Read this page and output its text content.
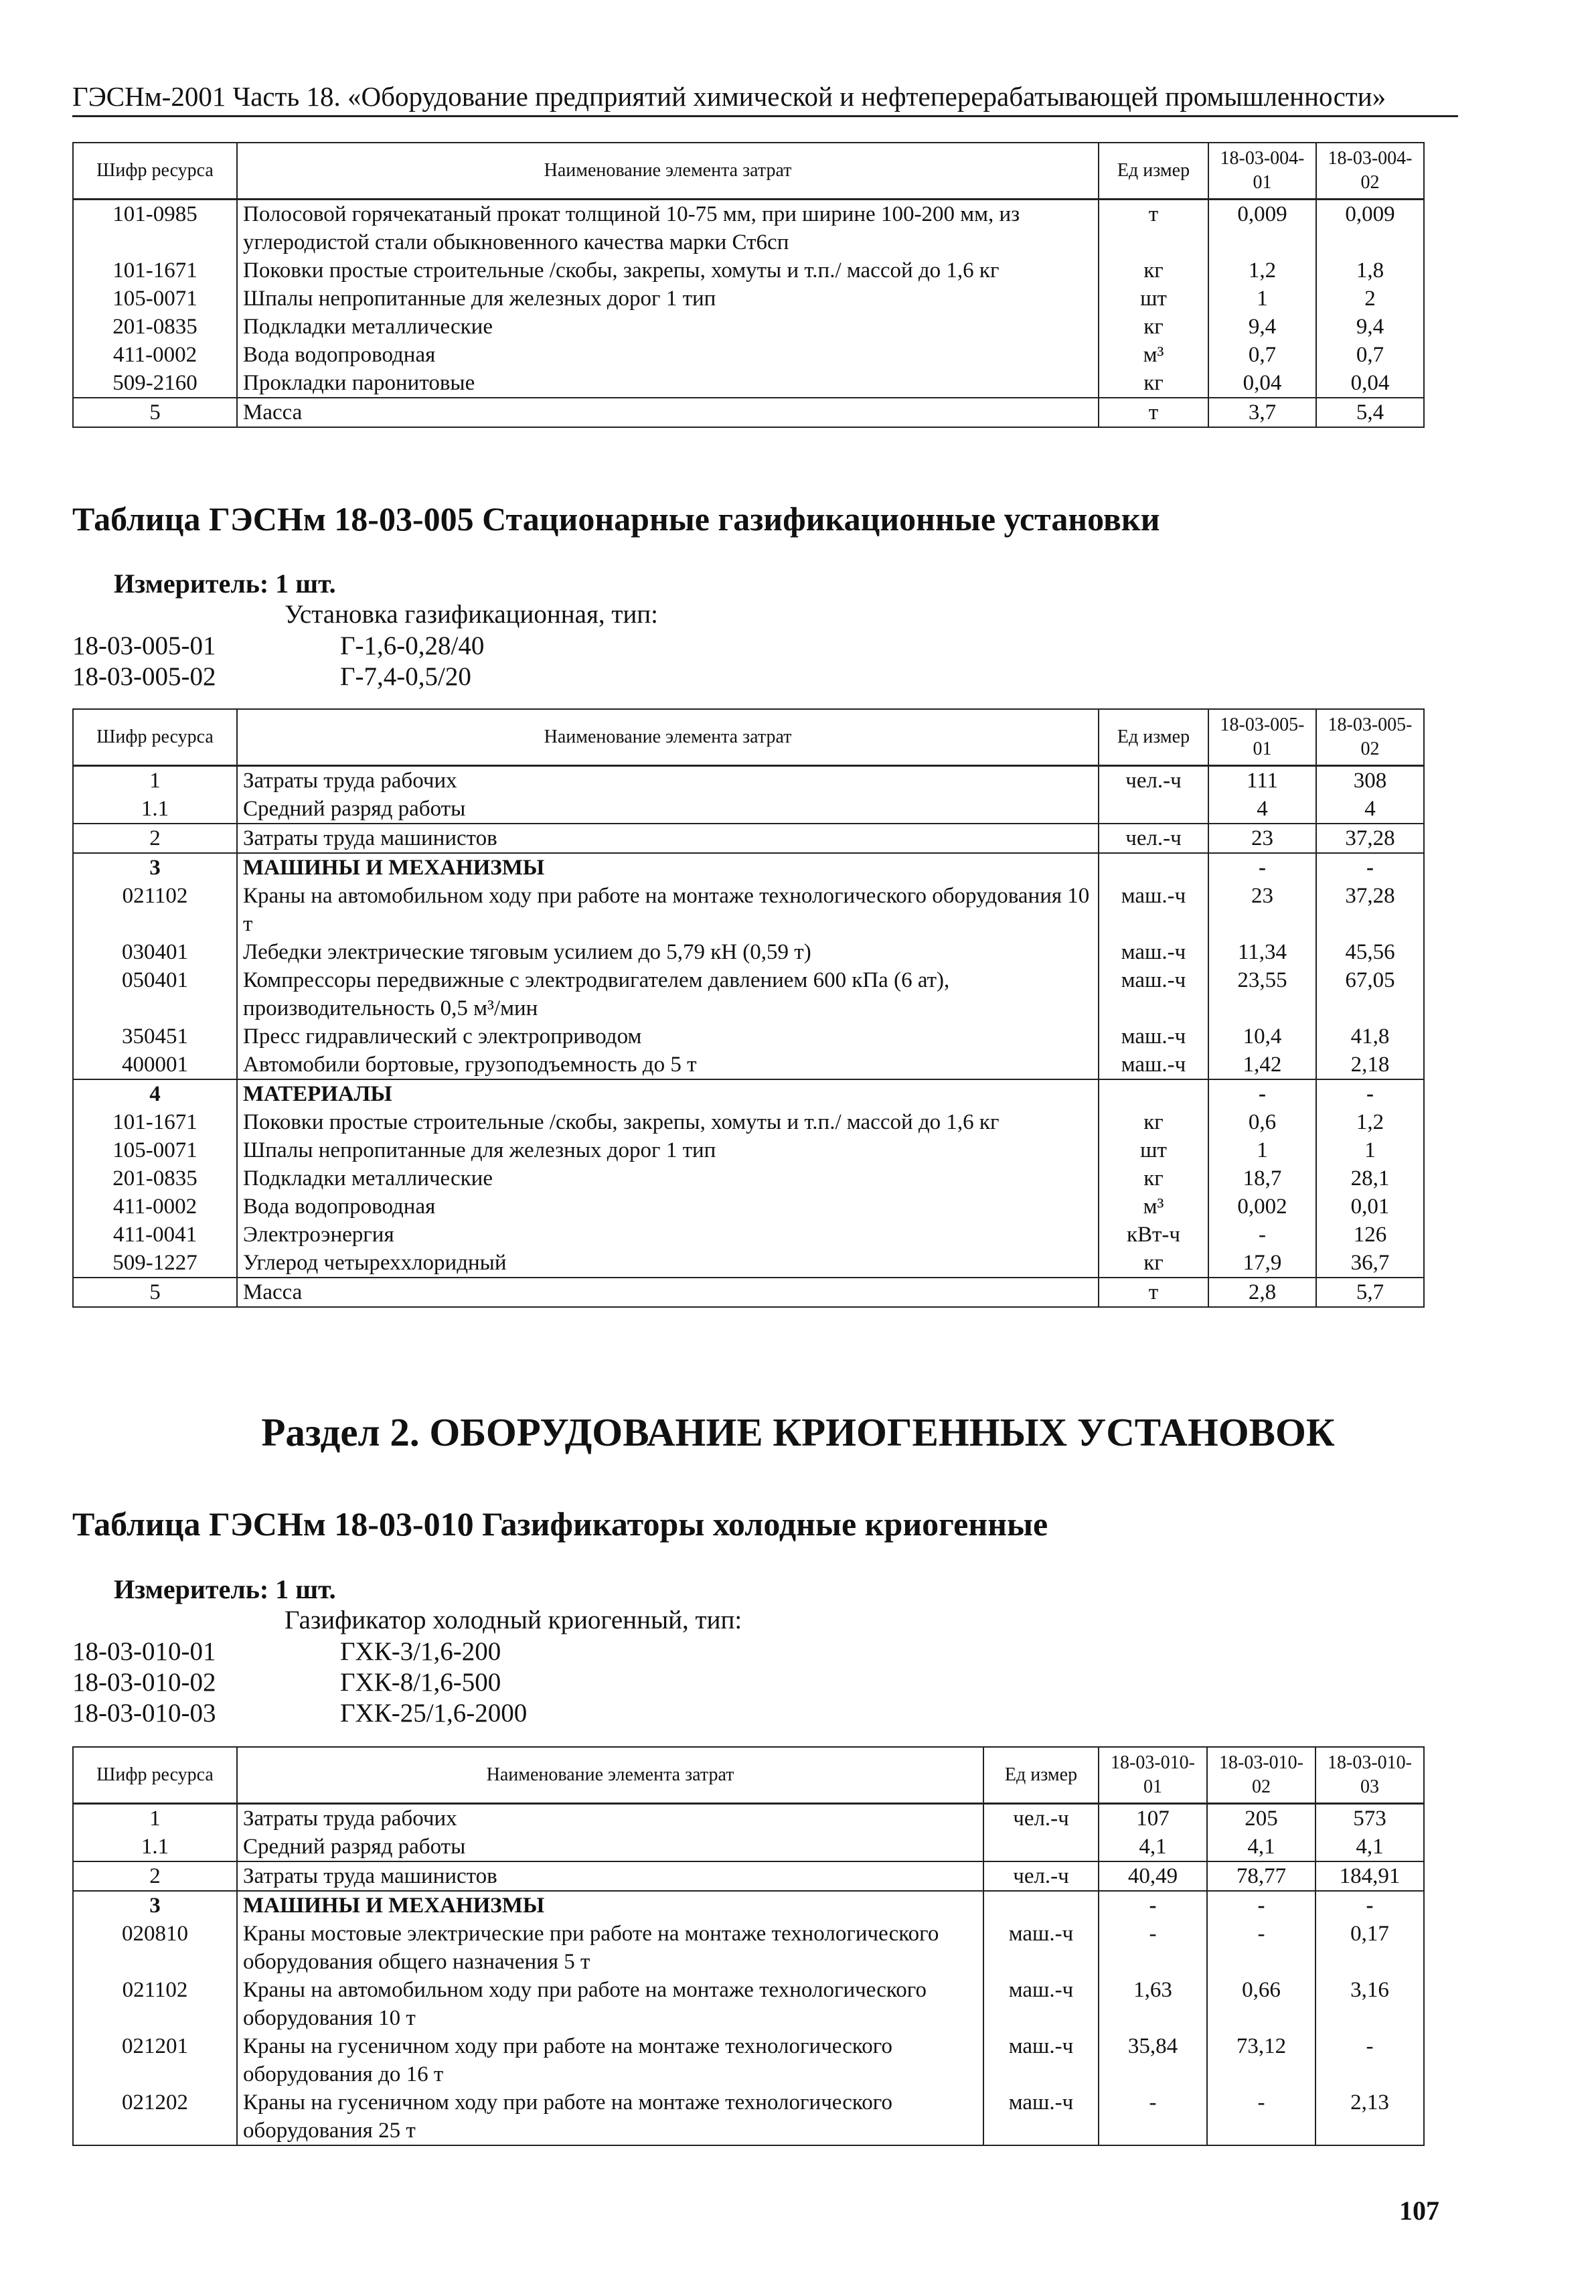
ГЭСНм-2001 Часть 18. «Оборудование предприятий химической и нефтеперерабатывающей промышленности»
Шифр ресурса	Наименование элемента затрат	Ед измер	18-03-004-01	18-03-004-02
101-0985	Полосовой горячекатаный прокат толщиной 10-75 мм, при ширине 100-200 мм, из углеродистой стали обыкновенного качества марки Ст6сп	т	0,009	0,009
101-1671	Поковки простые строительные /скобы, закрепы, хомуты и т.п./ массой до 1,6 кг	кг	1,2	1,8
105-0071	Шпалы непропитанные для железных дорог 1 тип	шт	1	2
201-0835	Подкладки металлические	кг	9,4	9,4
411-0002	Вода водопроводная	м³	0,7	0,7
509-2160	Прокладки паронитовые	кг	0,04	0,04
5	Масса	т	3,7	5,4
Таблица ГЭСНм 18-03-005 Стационарные газификационные установки
Измеритель: 1 шт.
Установка газификационная, тип:
18-03-005-01	Г-1,6-0,28/40
18-03-005-02	Г-7,4-0,5/20
Шифр ресурса	Наименование элемента затрат	Ед измер	18-03-005-01	18-03-005-02
1	Затраты труда рабочих	чел.-ч	111	308
1.1	Средний разряд работы		4	4
2	Затраты труда машинистов	чел.-ч	23	37,28
3	МАШИНЫ И МЕХАНИЗМЫ		-	-
021102	Краны на автомобильном ходу при работе на монтаже технологического оборудования 10 т	маш.-ч	23	37,28
030401	Лебедки электрические тяговым усилием до 5,79 кН (0,59 т)	маш.-ч	11,34	45,56
050401	Компрессоры передвижные с электродвигателем давлением 600 кПа (6 ат), производительность 0,5 м³/мин	маш.-ч	23,55	67,05
350451	Пресс гидравлический с электроприводом	маш.-ч	10,4	41,8
400001	Автомобили бортовые, грузоподъемность до 5 т	маш.-ч	1,42	2,18
4	МАТЕРИАЛЫ		-	-
101-1671	Поковки простые строительные /скобы, закрепы, хомуты и т.п./ массой до 1,6 кг	кг	0,6	1,2
105-0071	Шпалы непропитанные для железных дорог 1 тип	шт	1	1
201-0835	Подкладки металлические	кг	18,7	28,1
411-0002	Вода водопроводная	м³	0,002	0,01
411-0041	Электроэнергия	кВт-ч	-	126
509-1227	Углерод четыреххлоридный	кг	17,9	36,7
5	Масса	т	2,8	5,7
Раздел 2. ОБОРУДОВАНИЕ КРИОГЕННЫХ УСТАНОВОК
Таблица ГЭСНм 18-03-010 Газификаторы холодные криогенные
Измеритель: 1 шт.
Газификатор холодный криогенный, тип:
18-03-010-01	ГХК-3/1,6-200
18-03-010-02	ГХК-8/1,6-500
18-03-010-03	ГХК-25/1,6-2000
Шифр ресурса	Наименование элемента затрат	Ед измер	18-03-010-01	18-03-010-02	18-03-010-03
1	Затраты труда рабочих	чел.-ч	107	205	573
1.1	Средний разряд работы		4,1	4,1	4,1
2	Затраты труда машинистов	чел.-ч	40,49	78,77	184,91
3	МАШИНЫ И МЕХАНИЗМЫ		-	-	-
020810	Краны мостовые электрические при работе на монтаже технологического оборудования общего назначения 5 т	маш.-ч	-	-	0,17
021102	Краны на автомобильном ходу при работе на монтаже технологического оборудования 10 т	маш.-ч	1,63	0,66	3,16
021201	Краны на гусеничном ходу при работе на монтаже технологического оборудования до 16 т	маш.-ч	35,84	73,12	-
021202	Краны на гусеничном ходу при работе на монтаже технологического оборудования 25 т	маш.-ч	-	-	2,13
107
